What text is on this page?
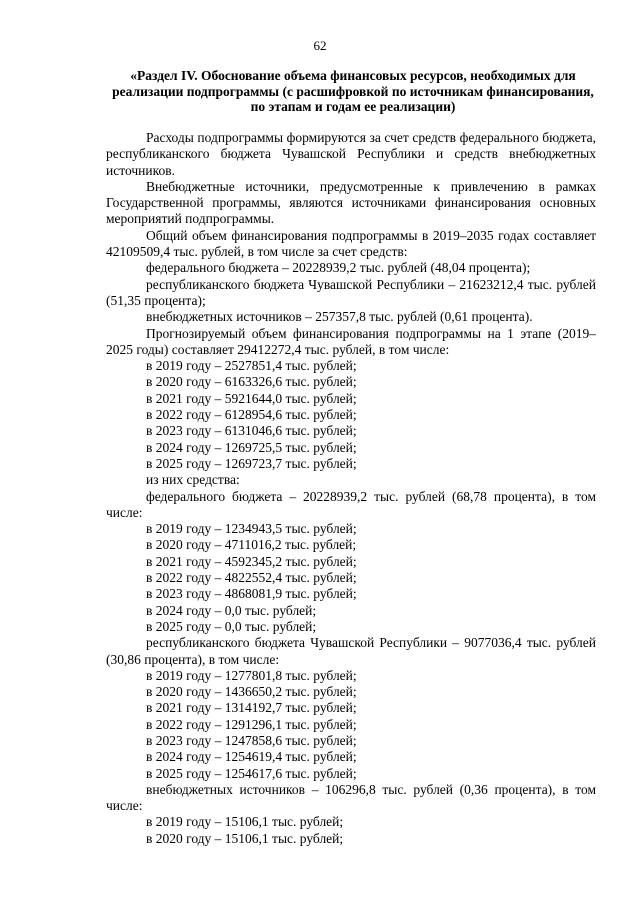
62
«Раздел IV. Обоснование объема финансовых ресурсов, необходимых для реализации подпрограммы (с расшифровкой по источникам финансирования, по этапам и годам ее реализации)

Расходы подпрограммы формируются за счет средств федерального бюджета, республиканского бюджета Чувашской Республики и средств внебюджетных источников.

Внебюджетные источники, предусмотренные к привлечению в рамках Государственной программы, являются источниками финансирования основных мероприятий подпрограммы.

Общий объем финансирования подпрограммы в 2019–2035 годах составляет 42109509,4 тыс. рублей, в том числе за счет средств:

федерального бюджета – 20228939,2 тыс. рублей (48,04 процента);

республиканского бюджета Чувашской Республики – 21623212,4 тыс. рублей (51,35 процента);

внебюджетных источников – 257357,8 тыс. рублей (0,61 процента).

Прогнозируемый объем финансирования подпрограммы на 1 этапе (2019–2025 годы) составляет 29412272,4 тыс. рублей, в том числе:

в 2019 году – 2527851,4 тыс. рублей;

в 2020 году – 6163326,6 тыс. рублей;

в 2021 году – 5921644,0 тыс. рублей;

в 2022 году – 6128954,6 тыс. рублей;

в 2023 году – 6131046,6 тыс. рублей;

в 2024 году – 1269725,5 тыс. рублей;

в 2025 году – 1269723,7 тыс. рублей;

из них средства:

федерального бюджета – 20228939,2 тыс. рублей (68,78 процента), в том числе:

в 2019 году – 1234943,5 тыс. рублей;

в 2020 году – 4711016,2 тыс. рублей;

в 2021 году – 4592345,2 тыс. рублей;

в 2022 году – 4822552,4 тыс. рублей;

в 2023 году – 4868081,9 тыс. рублей;

в 2024 году – 0,0 тыс. рублей;

в 2025 году – 0,0 тыс. рублей;

республиканского бюджета Чувашской Республики – 9077036,4 тыс. рублей (30,86 процента), в том числе:

в 2019 году – 1277801,8 тыс. рублей;

в 2020 году – 1436650,2 тыс. рублей;

в 2021 году – 1314192,7 тыс. рублей;

в 2022 году – 1291296,1 тыс. рублей;

в 2023 году – 1247858,6 тыс. рублей;

в 2024 году – 1254619,4 тыс. рублей;

в 2025 году – 1254617,6 тыс. рублей;

внебюджетных источников – 106296,8 тыс. рублей (0,36 процента), в том числе:

в 2019 году – 15106,1 тыс. рублей;

в 2020 году – 15106,1 тыс. рублей;
